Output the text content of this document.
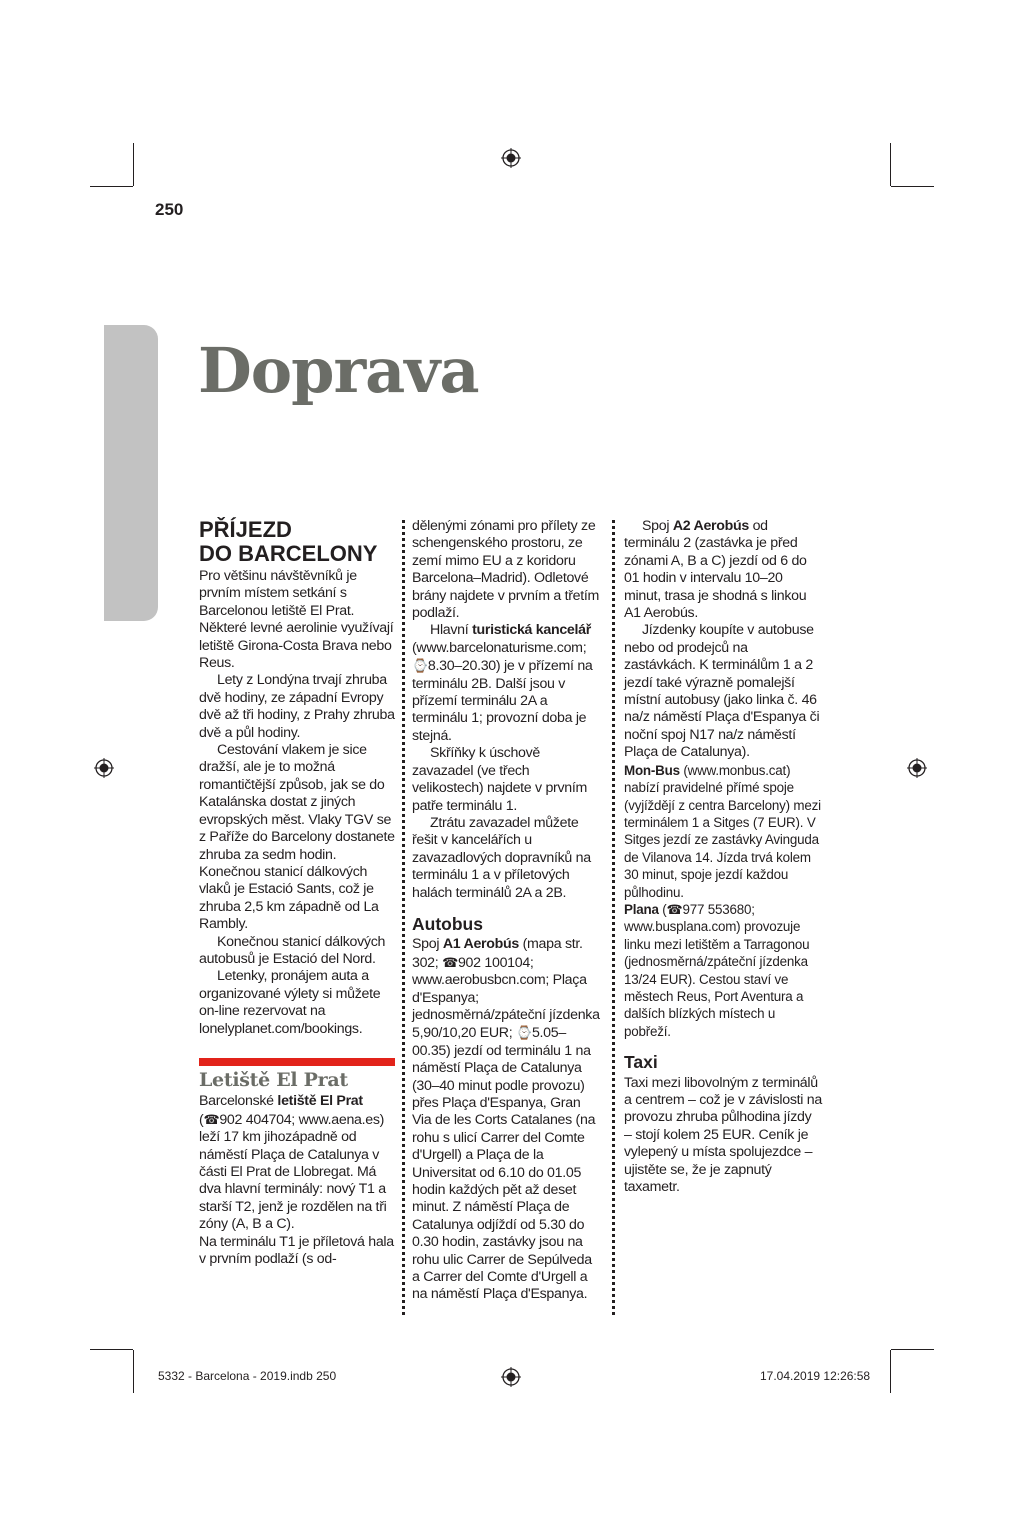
250
Doprava
PŘÍJEZD
DO BARCELONY

Pro většinu návštěvníků je prvním místem setkání s Barcelonou letiště El Prat. Některé levné aerolinie využívají letiště Girona-Costa Brava nebo Reus.

Lety z Londýna trvají zhruba dvě hodiny, ze západní Evropy dvě až tři hodiny, z Prahy zhruba dvě a půl hodiny.

Cestování vlakem je sice dražší, ale je to možná romantičtější způsob, jak se do Katalánska dostat z jiných evropských měst. Vlaky TGV se z Paříže do Barcelony dostanete zhruba za sedm hodin. Konečnou stanicí dálkových vlaků je Estació Sants, což je zhruba 2,5 km západně od La Rambly.

Konečnou stanicí dálkových autobusů je Estació del Nord.

Letenky, pronájem auta a organizované výlety si můžete on-line rezervovat na lonelyplanet.com/bookings.

Letiště El Prat

Barcelonské letiště El Prat (☎902 404704; www.aena.es) leží 17 km jihozápadně od náměstí Plaça de Catalunya v části El Prat de Llobregat. Má dva hlavní terminály: nový T1 a starší T2, jenž je rozdělen na tři zóny (A, B a C).

Na terminálu T1 je příletová hala v prvním podlaží (s od-

dělenými zónami pro přílety ze schengenského prostoru, ze zemí mimo EU a z koridoru Barcelona–Madrid). Odletové brány najdete v prvním a třetím podlaží.

Hlavní turistická kancelář (www.barcelonaturisme.com; ⌚8.30–20.30) je v přízemí na terminálu 2B. Další jsou v přízemí terminálu 2A a terminálu 1; provozní doba je stejná.

Skříňky k úschově zavazadel (ve třech velikostech) najdete v prvním patře terminálu 1.

Ztrátu zavazadel můžete řešit v kancelářích u zavazadlových dopravníků na terminálu 1 a v příletových halách terminálů 2A a 2B.

Autobus

Spoj A1 Aerobús (mapa str. 302; ☎902 100104; www.aerobusbcn.com; Plaça d'Espanya; jednosměrná/zpáteční jízdenka 5,90/10,20 EUR; ⌚5.05–00.35) jezdí od terminálu 1 na náměstí Plaça de Catalunya (30–40 minut podle provozu) přes Plaça d'Espanya, Gran Via de les Corts Catalanes (na rohu s ulicí Carrer del Comte d'Urgell) a Plaça de la Universitat od 6.10 do 01.05 hodin každých pět až deset minut. Z náměstí Plaça de Catalunya odjíždí od 5.30 do 0.30 hodin, zastávky jsou na rohu ulic Carrer de Sepúlveda a Carrer del Comte d'Urgell a na náměstí Plaça d'Espanya.

Spoj A2 Aerobús od terminálu 2 (zastávka je před zónami A, B a C) jezdí od 6 do 01 hodin v intervalu 10–20 minut, trasa je shodná s linkou A1 Aerobús.

Jízdenky koupíte v autobuse nebo od prodejců na zastávkách. K terminálům 1 a 2 jezdí také výrazně pomalejší místní autobusy (jako linka č. 46 na/z náměstí Plaça d'Espanya či noční spoj N17 na/z náměstí Plaça de Catalunya).

Mon-Bus (www.monbus.cat) nabízí pravidelné přímé spoje (vyjíždějí z centra Barcelony) mezi terminálem 1 a Sitges (7 EUR). V Sitges jezdí ze zastávky Avinguda de Vilanova 14. Jízda trvá kolem 30 minut, spoje jezdí každou půlhodinu.

Plana (☎977 553680; www.busplana.com) provozuje linku mezi letištěm a Tarragonou (jednosměrná/zpáteční jízdenka 13/24 EUR). Cestou staví ve městech Reus, Port Aventura a dalších blízkých místech u pobřeží.

Taxi

Taxi mezi libovolným z terminálů a centrem – což je v závislosti na provozu zhruba půlhodina jízdy – stojí kolem 25 EUR. Ceník je vylepený u místa spolujezdce – ujistěte se, že je zapnutý taxametr.

5332 - Barcelona - 2019.indb 250	17.04.2019 12:26:58
